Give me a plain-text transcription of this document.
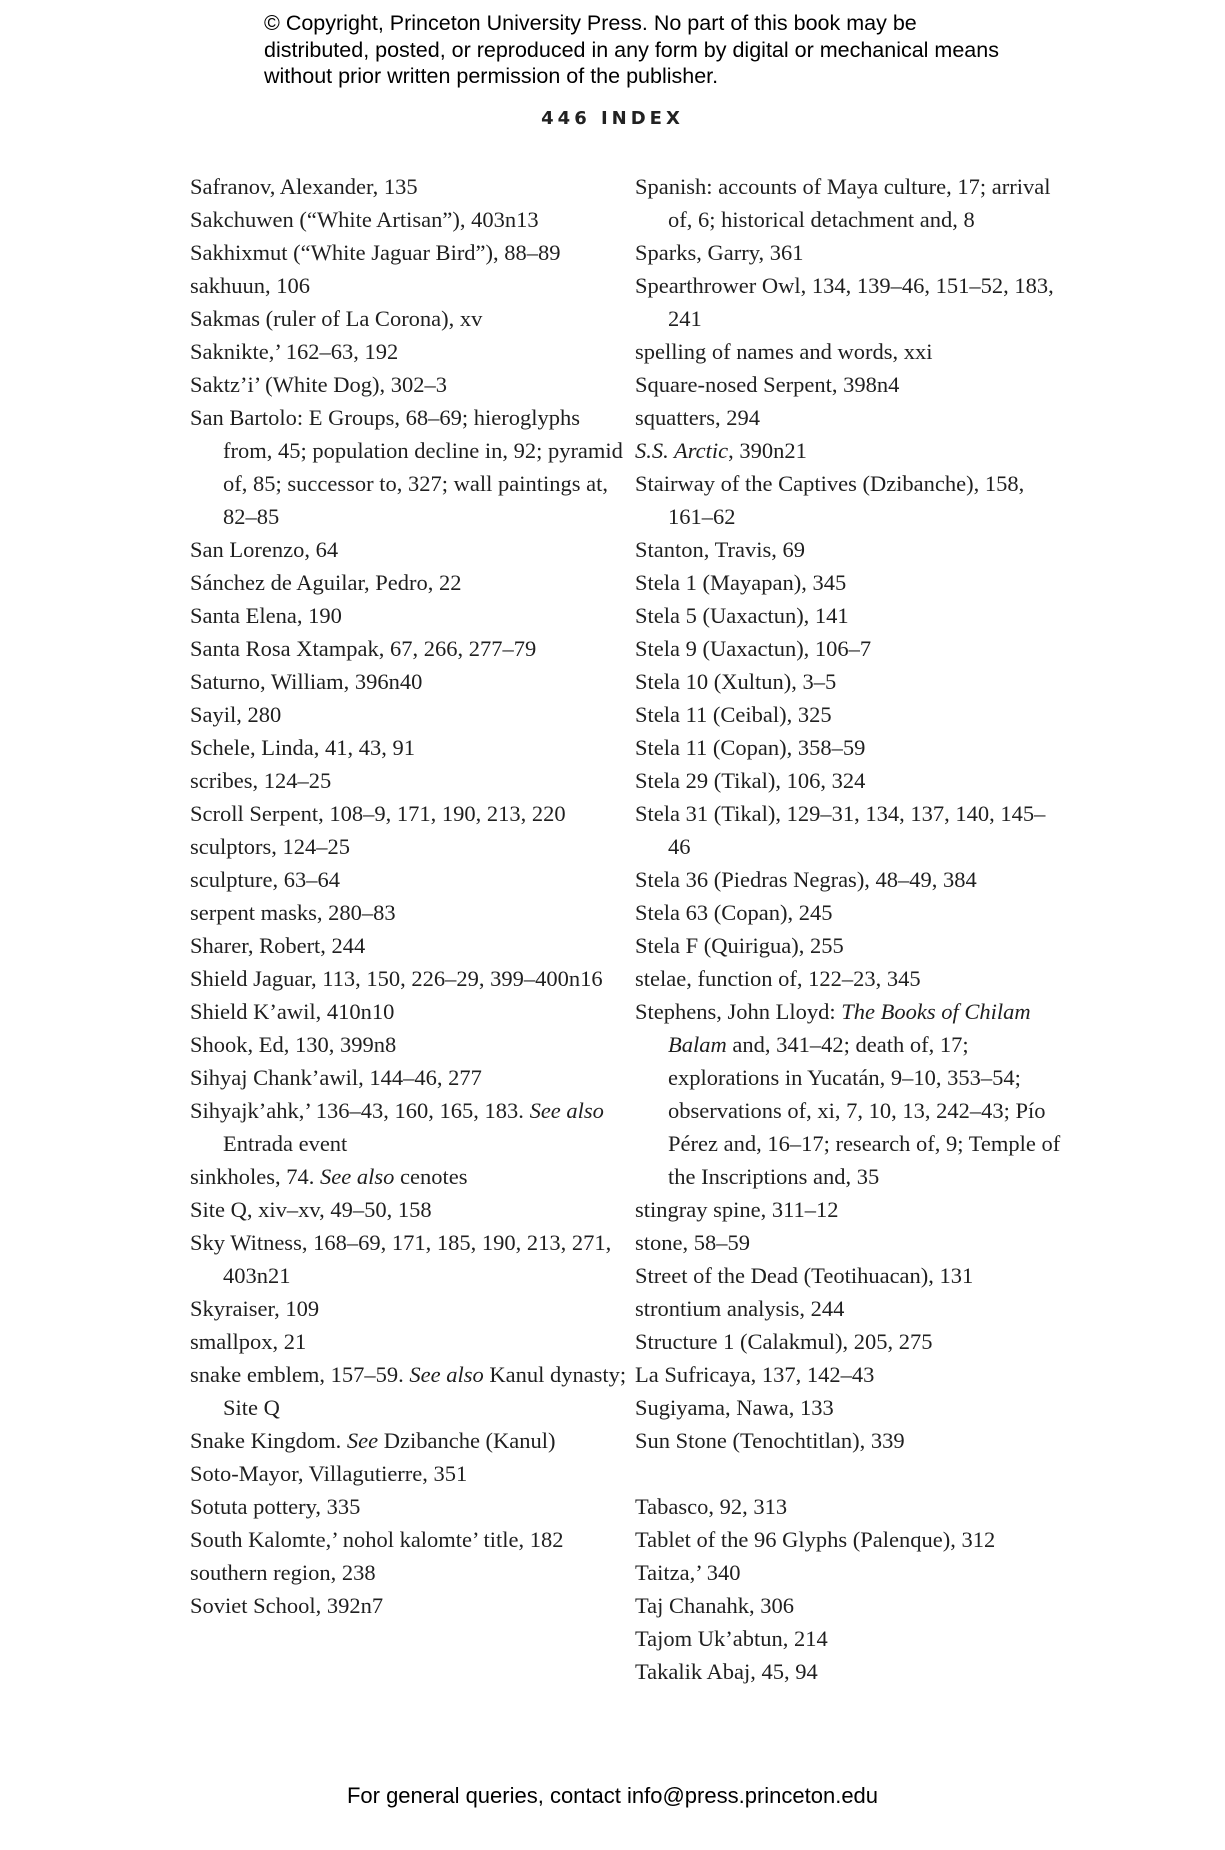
© Copyright, Princeton University Press. No part of this book may be distributed, posted, or reproduced in any form by digital or mechanical means without prior written permission of the publisher.
446 INDEX

Safranov, Alexander, 135

Sakchuwen (“White Artisan”), 403n13

Sakhixmut (“White Jaguar Bird”), 88–89

sakhuun, 106

Sakmas (ruler of La Corona), xv

Saknikte,’ 162–63, 192

Saktz’i’ (White Dog), 302–3

San Bartolo: E Groups, 68–69; hieroglyphs from, 45; population decline in, 92; pyramid of, 85; successor to, 327; wall paintings at, 82–85

San Lorenzo, 64

Sánchez de Aguilar, Pedro, 22

Santa Elena, 190

Santa Rosa Xtampak, 67, 266, 277–79

Saturno, William, 396n40

Sayil, 280

Schele, Linda, 41, 43, 91

scribes, 124–25

Scroll Serpent, 108–9, 171, 190, 213, 220

sculptors, 124–25

sculpture, 63–64

serpent masks, 280–83

Sharer, Robert, 244

Shield Jaguar, 113, 150, 226–29, 399–400n16

Shield K’awil, 410n10

Shook, Ed, 130, 399n8

Sihyaj Chank’awil, 144–46, 277

Sihyajk’ahk,’ 136–43, 160, 165, 183. See also Entrada event

sinkholes, 74. See also cenotes

Site Q, xiv–xv, 49–50, 158

Sky Witness, 168–69, 171, 185, 190, 213, 271, 403n21

Skyraiser, 109

smallpox, 21

snake emblem, 157–59. See also Kanul dynasty; Site Q

Snake Kingdom. See Dzibanche (Kanul)

Soto-Mayor, Villagutierre, 351

Sotuta pottery, 335

South Kalomte,’ nohol kalomte’ title, 182

southern region, 238

Soviet School, 392n7

Spanish: accounts of Maya culture, 17; arrival of, 6; historical detachment and, 8

Sparks, Garry, 361

Spearthrower Owl, 134, 139–46, 151–52, 183, 241

spelling of names and words, xxi

Square-nosed Serpent, 398n4

squatters, 294

S.S. Arctic, 390n21

Stairway of the Captives (Dzibanche), 158, 161–62

Stanton, Travis, 69

Stela 1 (Mayapan), 345

Stela 5 (Uaxactun), 141

Stela 9 (Uaxactun), 106–7

Stela 10 (Xultun), 3–5

Stela 11 (Ceibal), 325

Stela 11 (Copan), 358–59

Stela 29 (Tikal), 106, 324

Stela 31 (Tikal), 129–31, 134, 137, 140, 145–46

Stela 36 (Piedras Negras), 48–49, 384

Stela 63 (Copan), 245

Stela F (Quirigua), 255

stelae, function of, 122–23, 345

Stephens, John Lloyd: The Books of Chilam Balam and, 341–42; death of, 17; explorations in Yucatán, 9–10, 353–54; observations of, xi, 7, 10, 13, 242–43; Pío Pérez and, 16–17; research of, 9; Temple of the Inscriptions and, 35

stingray spine, 311–12

stone, 58–59

Street of the Dead (Teotihuacan), 131

strontium analysis, 244

Structure 1 (Calakmul), 205, 275

La Sufricaya, 137, 142–43

Sugiyama, Nawa, 133

Sun Stone (Tenochtitlan), 339

Tabasco, 92, 313

Tablet of the 96 Glyphs (Palenque), 312

Taitza,’ 340

Taj Chanahk, 306

Tajom Uk’abtun, 214

Takalik Abaj, 45, 94

For general queries, contact info@press.princeton.edu
